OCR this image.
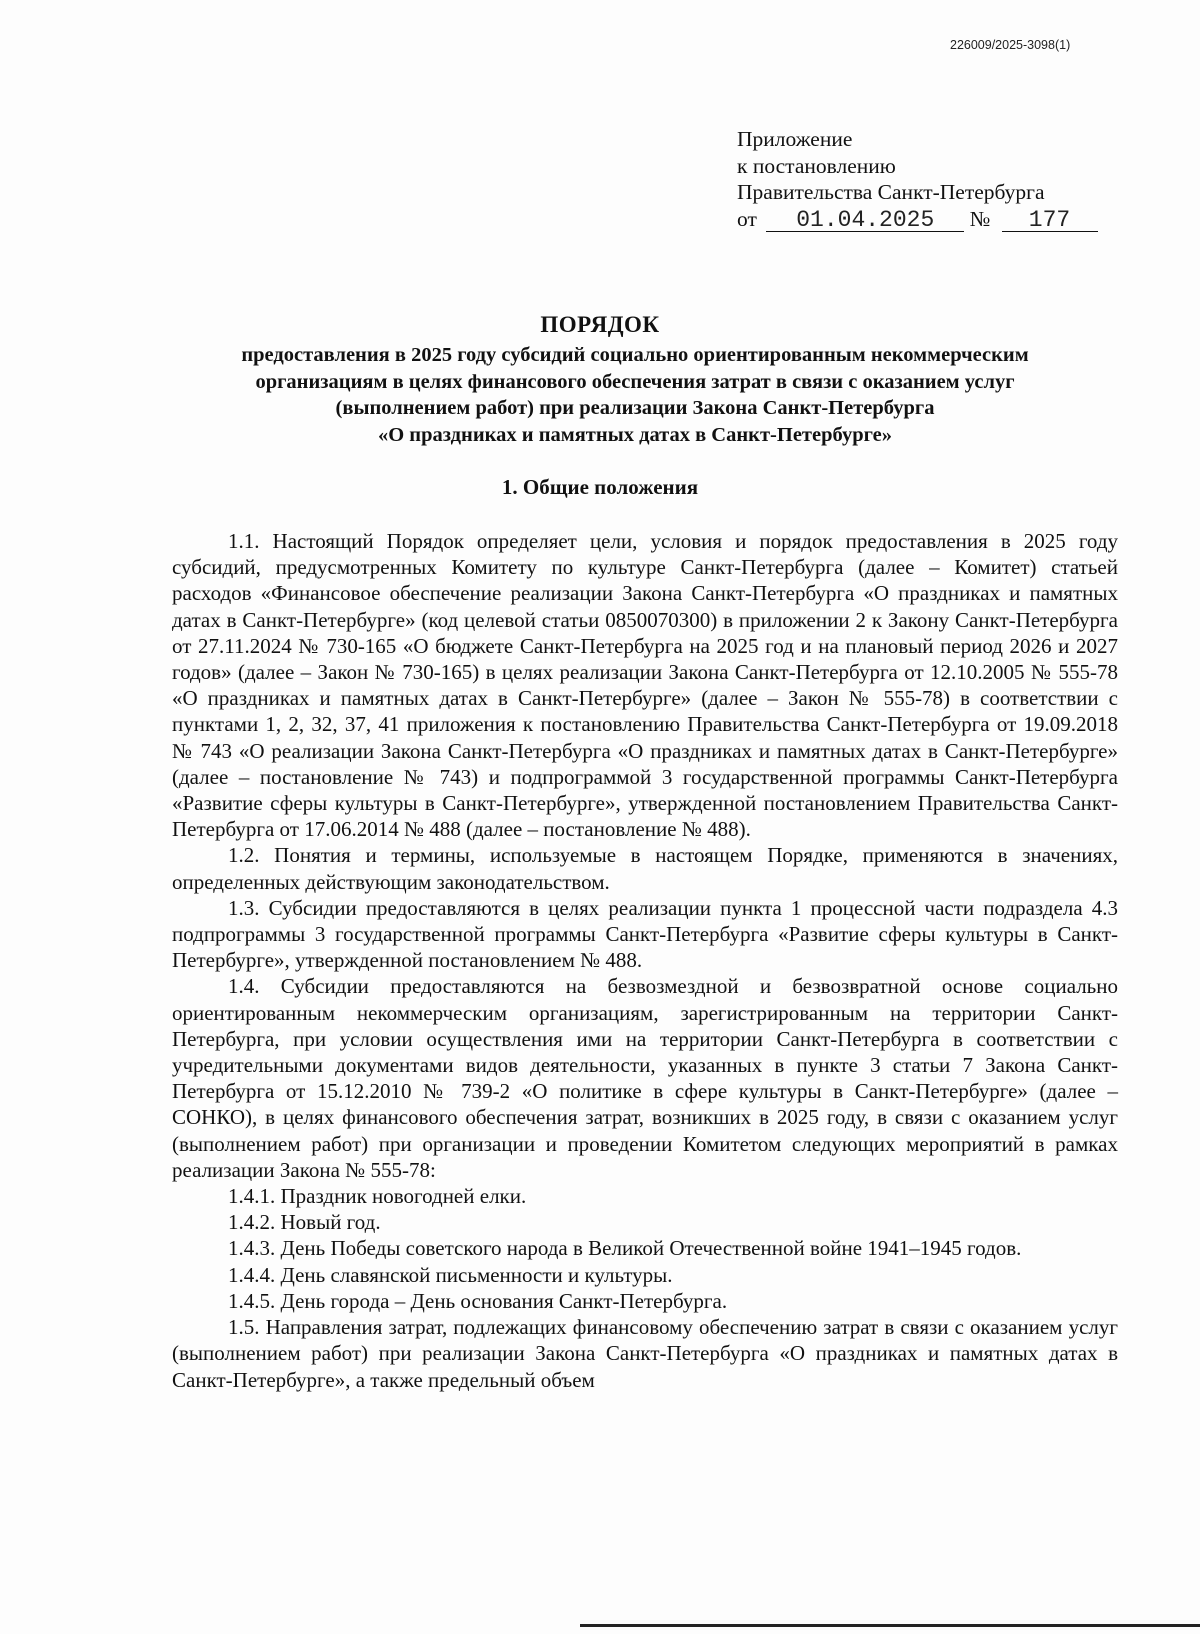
226009/2025-3098(1)
Приложение
к постановлению
Правительства Санкт-Петербурга
от 01.04.2025 № 177
ПОРЯДОК
предоставления в 2025 году субсидий социально ориентированным некоммерческим
организациям в целях финансового обеспечения затрат в связи с оказанием услуг
(выполнением работ) при реализации Закона Санкт-Петербурга
«О праздниках и памятных датах в Санкт-Петербурге»
1. Общие положения

1.1. Настоящий Порядок определяет цели, условия и порядок предоставления в 2025 году субсидий, предусмотренных Комитету по культуре Санкт-Петербурга (далее – Комитет) статьей расходов «Финансовое обеспечение реализации Закона Санкт-Петербурга «О праздниках и памятных датах в Санкт-Петербурге» (код целевой статьи 0850070300) в приложении 2 к Закону Санкт-Петербурга от 27.11.2024 № 730-165 «О бюджете Санкт-Петербурга на 2025 год и на плановый период 2026 и 2027 годов» (далее – Закон № 730-165) в целях реализации Закона Санкт-Петербурга от 12.10.2005 № 555-78 «О праздниках и памятных датах в Санкт-Петербурге» (далее – Закон № 555-78) в соответствии с пунктами 1, 2, 32, 37, 41 приложения к постановлению Правительства Санкт-Петербурга от 19.09.2018 № 743 «О реализации Закона Санкт-Петербурга «О праздниках и памятных датах в Санкт-Петербурге» (далее – постановление № 743) и подпрограммой 3 государственной программы Санкт-Петербурга «Развитие сферы культуры в Санкт-Петербурге», утвержденной постановлением Правительства Санкт-Петербурга от 17.06.2014 № 488 (далее – постановление № 488).

1.2. Понятия и термины, используемые в настоящем Порядке, применяются в значениях, определенных действующим законодательством.

1.3. Субсидии предоставляются в целях реализации пункта 1 процессной части подраздела 4.3 подпрограммы 3 государственной программы Санкт-Петербурга «Развитие сферы культуры в Санкт-Петербурге», утвержденной постановлением № 488.

1.4. Субсидии предоставляются на безвозмездной и безвозвратной основе социально ориентированным некоммерческим организациям, зарегистрированным на территории Санкт-Петербурга, при условии осуществления ими на территории Санкт-Петербурга в соответствии с учредительными документами видов деятельности, указанных в пункте 3 статьи 7 Закона Санкт-Петербурга от 15.12.2010 № 739-2 «О политике в сфере культуры в Санкт-Петербурге» (далее – СОНКО), в целях финансового обеспечения затрат, возникших в 2025 году, в связи с оказанием услуг (выполнением работ) при организации и проведении Комитетом следующих мероприятий в рамках реализации Закона № 555-78:

1.4.1. Праздник новогодней елки.

1.4.2. Новый год.

1.4.3. День Победы советского народа в Великой Отечественной войне 1941–1945 годов.

1.4.4. День славянской письменности и культуры.

1.4.5. День города – День основания Санкт-Петербурга.

1.5. Направления затрат, подлежащих финансовому обеспечению затрат в связи с оказанием услуг (выполнением работ) при реализации Закона Санкт-Петербурга «О праздниках и памятных датах в Санкт-Петербурге», а также предельный объем
